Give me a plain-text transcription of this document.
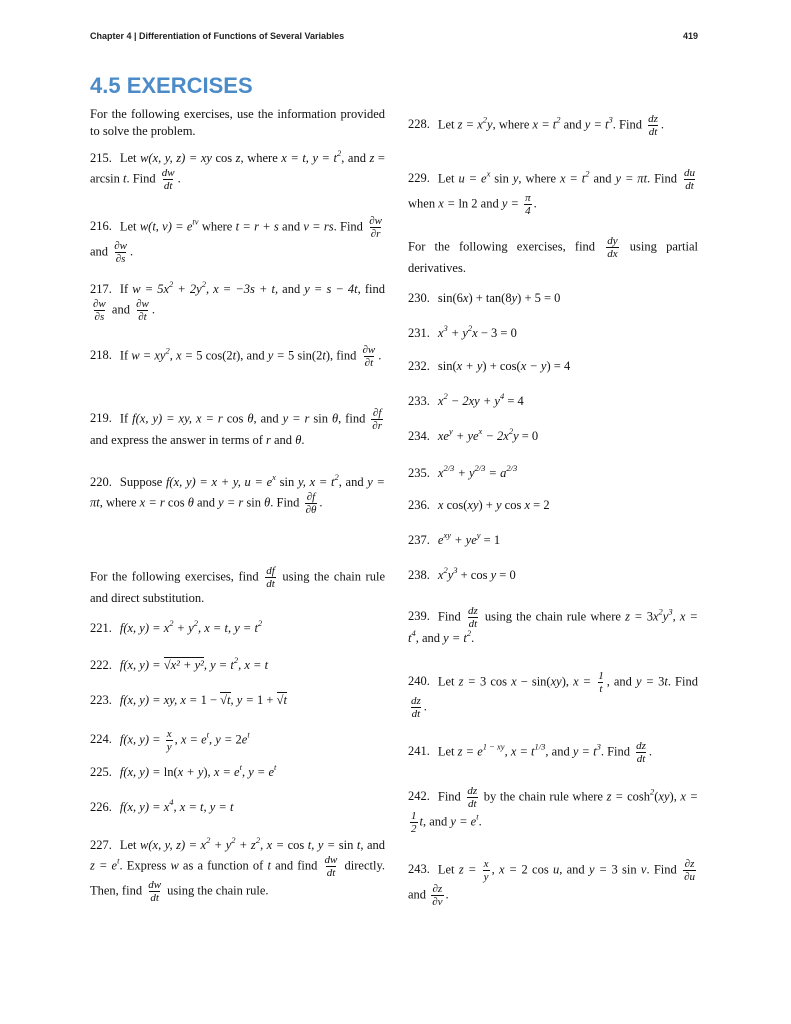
Chapter 4 | Differentiation of Functions of Several Variables	419
4.5 EXERCISES
For the following exercises, use the information provided to solve the problem.
215. Let w(x, y, z) = xy cos z, where x = t, $y = t^2$, and z = arcsin t. Find $\frac{dw}{dt}$ .
216. Let w(t, $v) = e^{tv}$ where t = r + s and v = rs. Find $\frac{\partial w}{\partial r}$
and $\frac{\partial w}{\partial s}$ .
217. If $w = 5x^2 + 2y^2$, x = −3s + t, and y = s − 4t, find
$\frac{\partial w}{\partial s}$ and $\frac{\partial w}{\partial t}$ .
218. If $w = xy^2$, x = 5 cos(2t), and y = 5 sin(2t), find $\frac{\partial w}{\partial t}$ .
219. If f(x, y) = xy, x = r cos θ, and y = r sin θ, find $\frac{\partial f}{\partial r}$
and express the answer in terms of r and θ.
220. Suppose f(x, y) = x + y, $u = e^x$ sin y, $x = t^2$, and y = πt, where x = r cos θ and y = r sin θ. Find $\frac{\partial f}{\partial\theta}$ .
For the following exercises, find $\frac{df}{dt}$ using the chain rule and direct substitution.
221. f(x, $y) = x^2 + y^2$, x = t, $y = t^2$
222. f(x, y) = √ x² + y², $y = t^2$, x = t
223. f(x, y) = xy, x = 1 − √ t, y = 1 + √ t
224. f(x, $y) = \frac{x}{y}$ , $x = e^t$, $y = 2e^t$
225. f(x, y) = ln(x + y), $x = e^t$, $y = e^t$
226. f(x, $y) = x^4$, x = t, y = t
227. Let w(x, y, $z) = x^2 + y^2 + z^2$, x = cos t, y = sin t, and $z = e^t$. Express w as a function of t and find $\frac{dw}{dt}$ directly. Then, find $\frac{dw}{dt}$ using the chain rule.
228. Let $z = x^2y$, where $x = t^2$ and $y = t^3$. Find $\frac{dz}{dt}$ .
229. Let $u = e^x$ sin y, where $x = t^2$ and y = πt. Find $\frac{du}{dt}$
when x = ln 2 and $y = \frac{\pi}{4}$ .
For the following exercises, find $\frac{dy}{dx}$ using partial derivatives.
230. sin(6x) + tan(8y) + 5 = 0
231. $x^3 + y^2x - 3 = 0$
232. sin(x + y) + cos(x − y) = 4
233. $x^2 - 2xy + y^4 = 4$
234. $xe^y + ye^x - 2x^2y = 0$
235. $x^{2/3} + y^{2/3} = a^{2/3}$
236. x cos(xy) + y cos x = 2
237. $e^{xy} + ye^y = 1$
238. $x^2y^3 + \cos y = 0$
239. Find $\frac{dz}{dt}$ using the chain rule where $z = 3x^2y^3$, $x = t^4$, and $y = t^2$.
240. Let z = 3 cos x − sin(xy), $x = \frac{1}{t}$ , and y = 3t. Find
$\frac{dz}{dt}$ .
241. Let $z = e^{1 - xy}$, $x = t^{1/3}$, and $y = t^3$. Find $\frac{dz}{dt}$ .
242. Find $\frac{dz}{dt}$ by the chain rule where $z = \cosh^2(xy)$, x =
$\frac{1}{2} t$, and $y = e^t$.
243. Let $z = \frac{x}{y}$ , x = 2 cos u, and y = 3 sin v. Find $\frac{\partial z}{\partial u}$
and $\frac{\partial z}{\partial v}$ .
